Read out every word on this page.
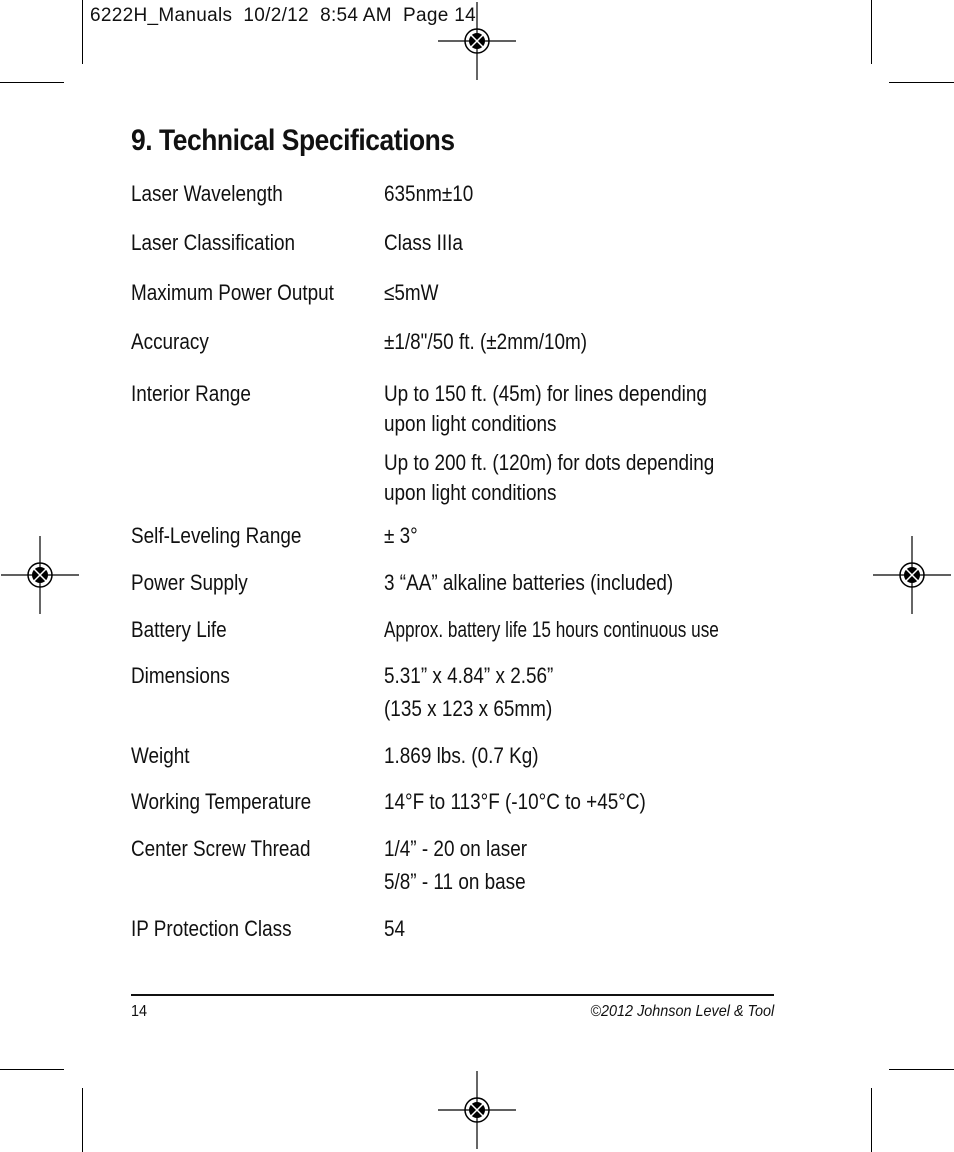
6222H_Manuals  10/2/12  8:54 AM  Page 14
9. Technical Specifications
Laser Wavelength	635nm±10
Laser Classification	Class IIIa
Maximum Power Output ≤5mW
Accuracy	±1/8"/50 ft. (±2mm/10m)
Interior Range	Up to 150 ft. (45m) for lines depending
upon light conditions
Up to 200 ft. (120m) for dots depending
upon light conditions
Self-Leveling Range	± 3°
Power Supply	3 “AA” alkaline batteries (included)
Battery Life	Approx. battery life 15 hours continuous use
Dimensions	5.31” x 4.84” x 2.56”
(135 x 123 x 65mm)
Weight	1.869 lbs. (0.7 Kg)
Working Temperature	14°F to 113°F (-10°C to +45°C)
Center Screw Thread	1/4” - 20 on laser
5/8” - 11 on base
IP Protection Class	54
14	©2012 Johnson Level & Tool
